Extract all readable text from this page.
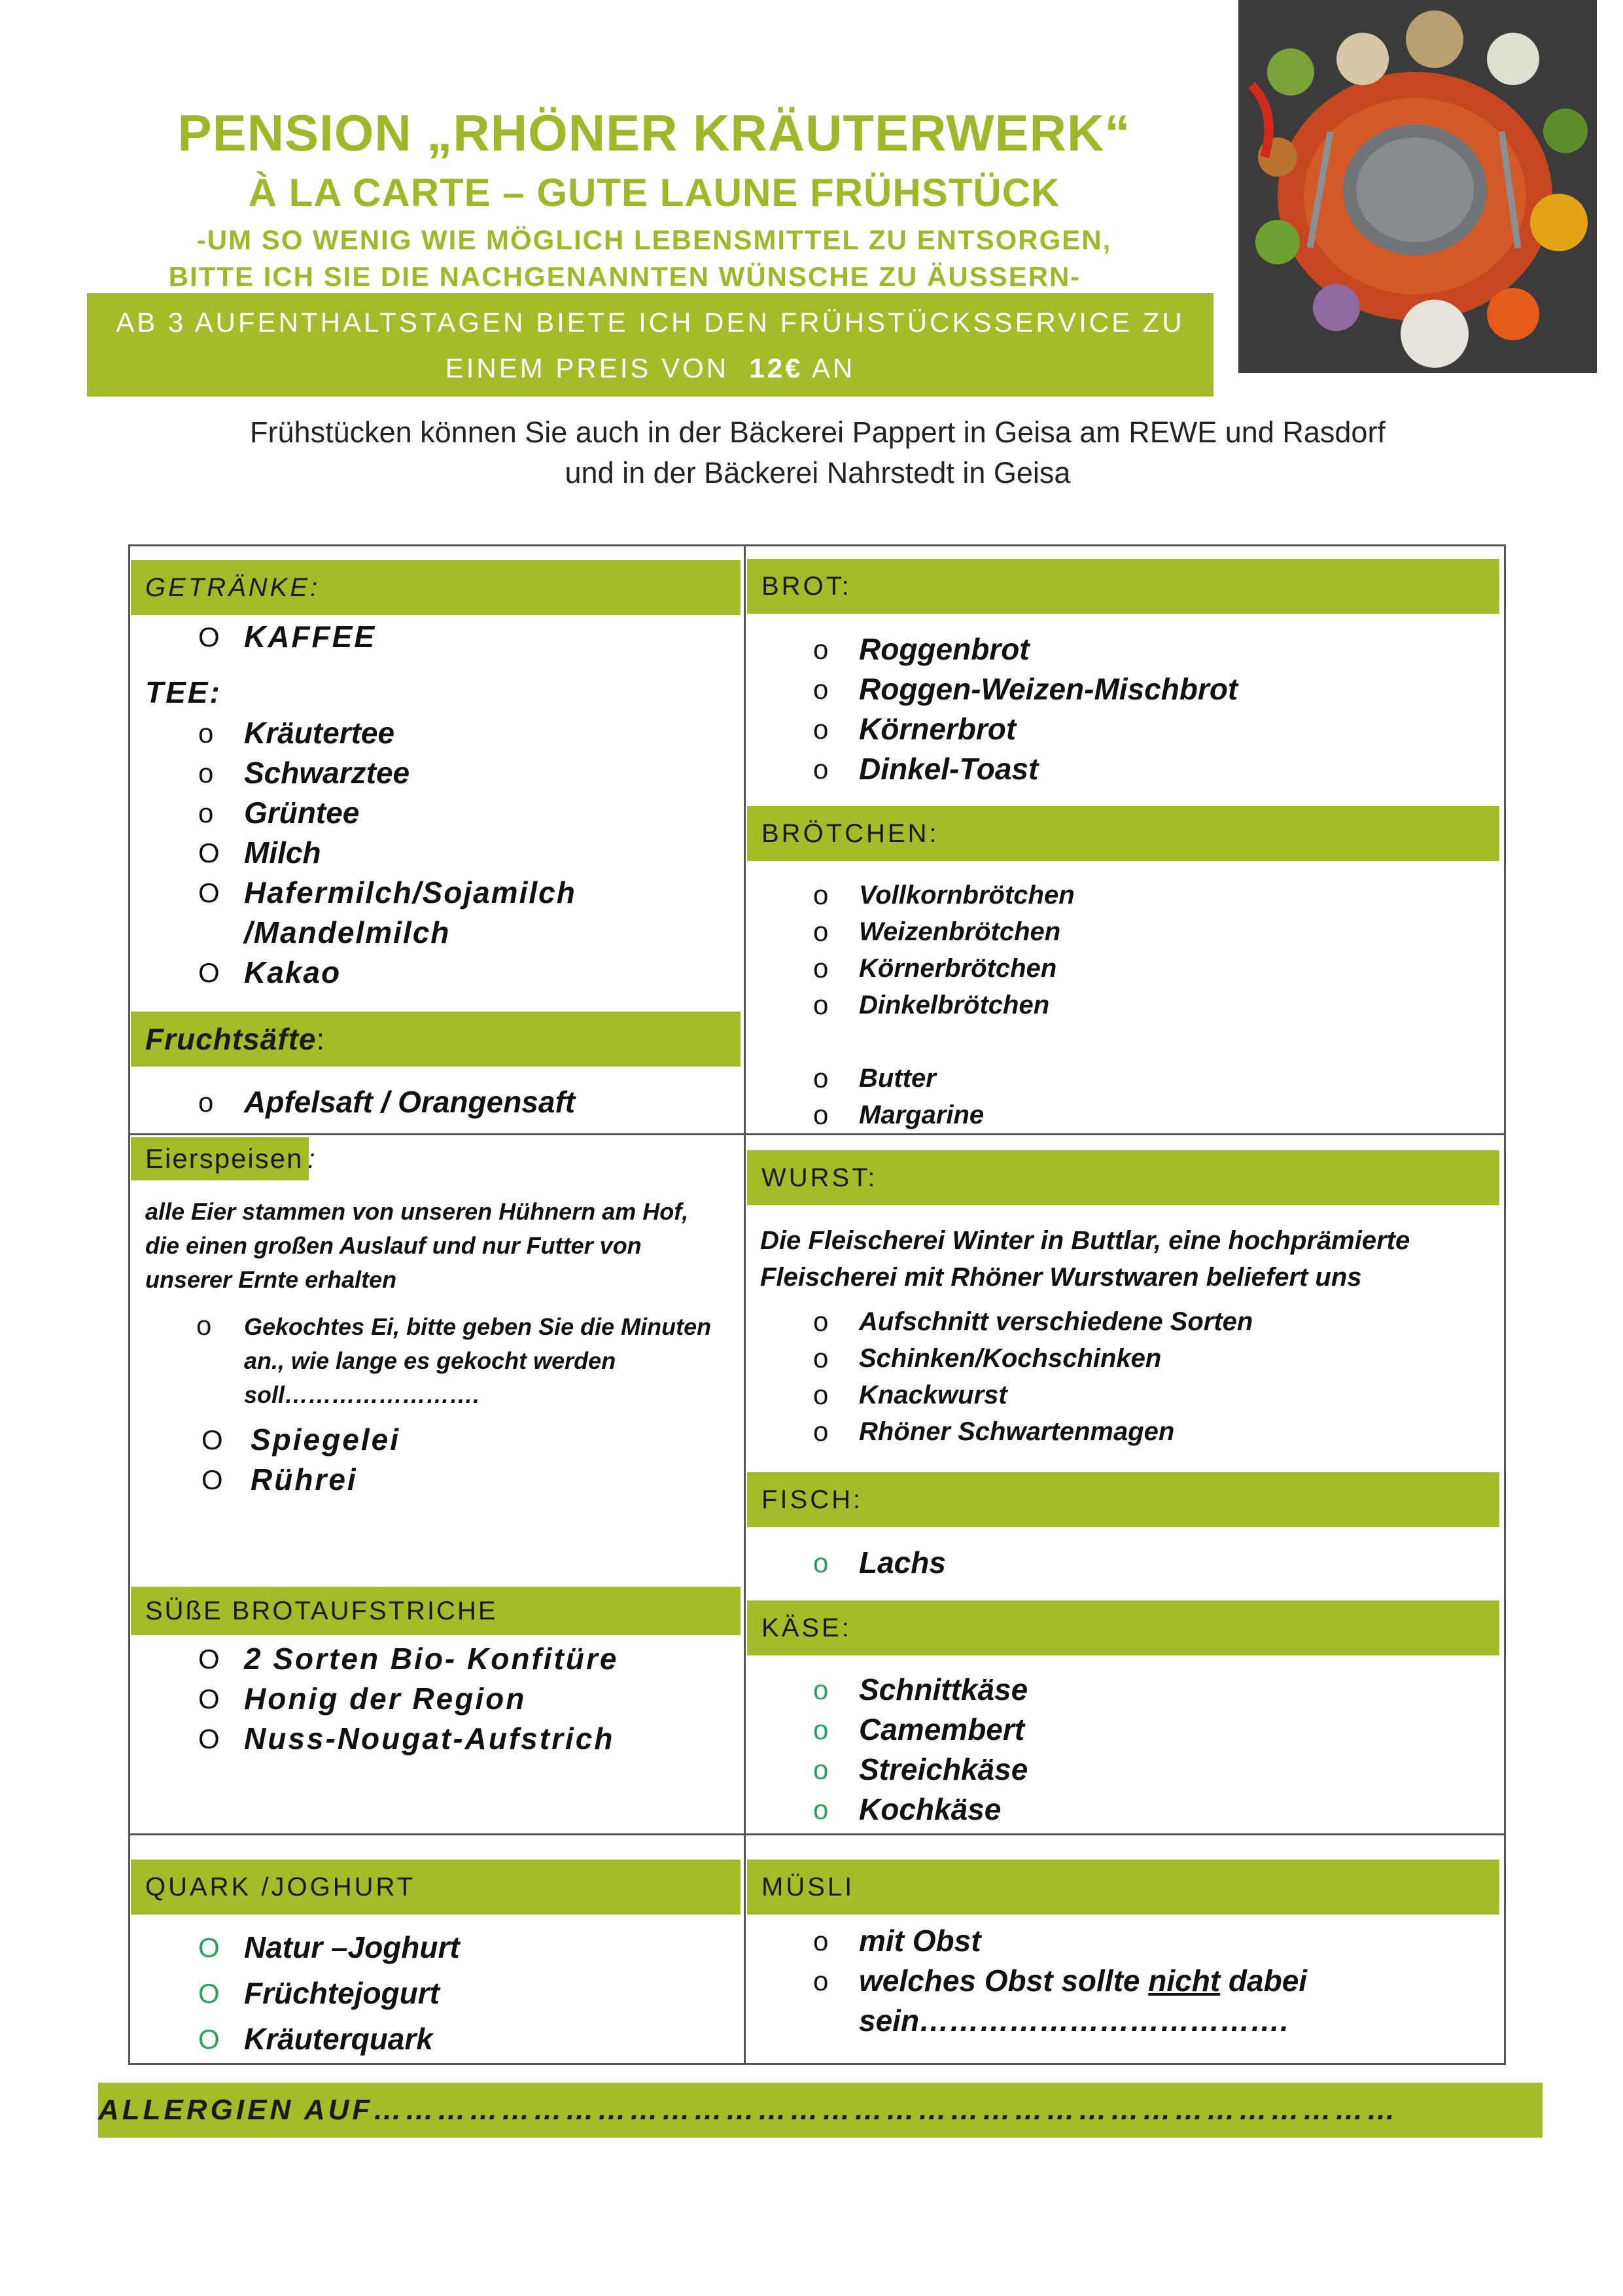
PENSION „RHÖNER KRÄUTERWERK“
À LA CARTE – GUTE LAUNE FRÜHSTÜCK
-UM SO WENIG WIE MÖGLICH LEBENSMITTEL ZU ENTSORGEN,
BITTE ICH SIE DIE NACHGENANNTEN WÜNSCHE ZU ÄUSSERN-
AB 3 AUFENTHALTSTAGEN BIETE ICH DEN FRÜHSTÜCKSSERVICE ZU
EINEM PREIS VON 12€ AN
Frühstücken können Sie auch in der Bäckerei Pappert in Geisa am REWE und Rasdorf
und in der Bäckerei Nahrstedt in Geisa
GETRÄNKE:
O KAFFEE
TEE:
o Kräutertee
o Schwarztee
o Grüntee
O Milch
O Hafermilch/Sojamilch
/Mandelmilch
O Kakao
Fruchtsäfte:
o Apfelsaft / Orangensaft
BROT:
o Roggenbrot
o Roggen-Weizen-Mischbrot
o Körnerbrot
o Dinkel-Toast
BRÖTCHEN:
o Vollkornbrötchen
o Weizenbrötchen
o Körnerbrötchen
o Dinkelbrötchen
o Butter
o Margarine
Eierspeisen :
alle Eier stammen von unseren Hühnern am Hof,
die einen großen Auslauf und nur Futter von
unserer Ernte erhalten
o Gekochtes Ei, bitte geben Sie die Minuten
an., wie lange es gekocht werden
soll…………………….
O Spiegelei
O Rührei
SÜßE BROTAUFSTRICHE
O 2 Sorten Bio- Konfitüre
O Honig der Region
O Nuss-Nougat-Aufstrich
WURST:
Die Fleischerei Winter in Buttlar, eine hochprämierte
Fleischerei mit Rhöner Wurstwaren beliefert uns
o Aufschnitt verschiedene Sorten
o Schinken/Kochschinken
o Knackwurst
o Rhöner Schwartenmagen
FISCH:
o Lachs
KÄSE:
o Schnittkäse
o Camembert
o Streichkäse
o Kochkäse
QUARK /JOGHURT
O Natur –Joghurt
O Früchtejogurt
O Kräuterquark
MÜSLI
o mit Obst
o welches Obst sollte nicht dabei
sein……………………………….
ALLERGIEN AUF……………………………………………………………………………………
